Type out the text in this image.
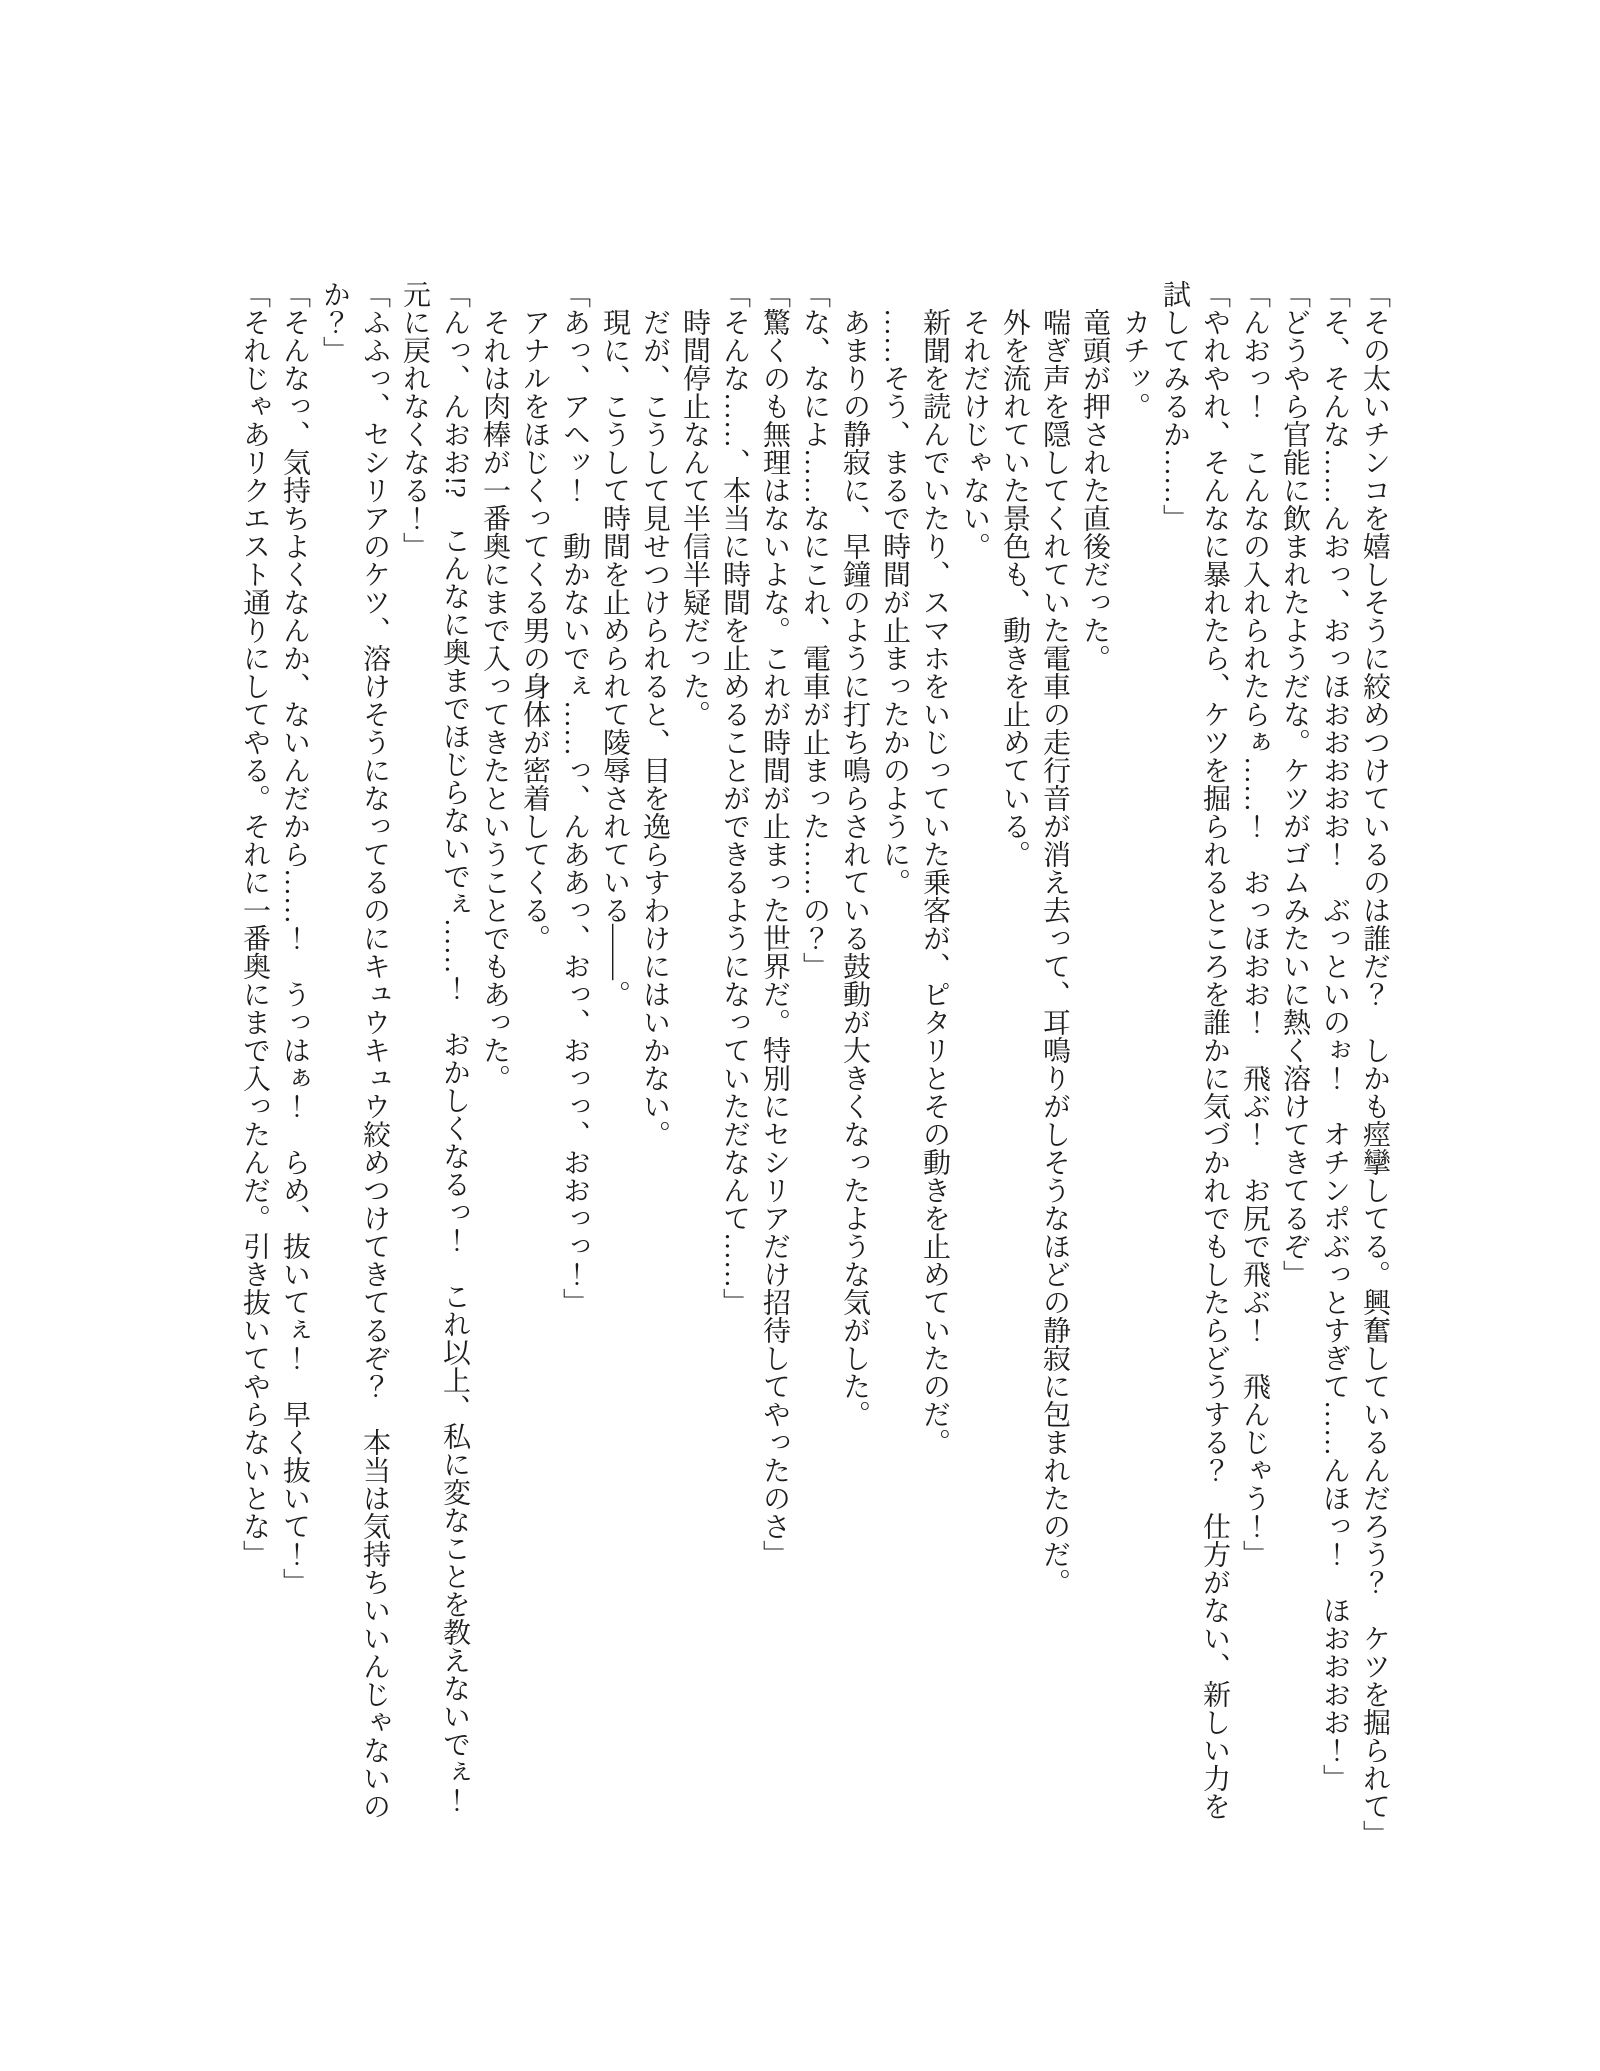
「その太いチンコを嬉しそうに絞めつけているのは誰だ？　しかも痙攣してる。興奮しているんだろう？　ケツを掘られて」
「そ、そんな……んおっ、おっほおおおおお！　ぶっといのぉ！　オチンポぶっとすぎて……んほっ！　ほおおおお！」
「どうやら官能に飲まれたようだな。ケツがゴムみたいに熱く溶けてきてるぞ」
「んおっ！　こんなの入れられたらぁ……！　おっほおお！　飛ぶ！　お尻で飛ぶ！　飛んじゃう！」
「やれやれ、そんなに暴れたら、ケツを掘られるところを誰かに気づかれでもしたらどうする？　仕方がない、新しい力を
試してみるか……」
カチッ。
竜頭が押された直後だった。
喘ぎ声を隠してくれていた電車の走行音が消え去って、耳鳴りがしそうなほどの静寂に包まれたのだ。
外を流れていた景色も、動きを止めている。
それだけじゃない。
新聞を読んでいたり、スマホをいじっていた乗客が、ピタリとその動きを止めていたのだ。
……そう、まるで時間が止まったかのように。
あまりの静寂に、早鐘のように打ち鳴らされている鼓動が大きくなったような気がした。
「な、なによ……なにこれ、電車が止まった……の？」
「驚くのも無理はないよな。これが時間が止まった世界だ。特別にセシリアだけ招待してやったのさ」
「そんな……、本当に時間を止めることができるようになっていただなんて……」
時間停止なんて半信半疑だった。
だが、こうして見せつけられると、目を逸らすわけにはいかない。
現に、こうして時間を止められて陵辱されている――。
「あっ、アヘッ！　動かないでぇ……っ、んああっ、おっ、おっっ、おおっっ！」
アナルをほじくってくる男の身体が密着してくる。
それは肉棒が一番奥にまで入ってきたということでもあった。
「んっ、んおお!?　こんなに奥までほじらないでぇ……！　おかしくなるっ！　これ以上、私に変なことを教えないでぇ！
元に戻れなくなる！」
「ふふっ、セシリアのケツ、溶けそうになってるのにキュウキュウ絞めつけてきてるぞ？　本当は気持ちいいんじゃないの
か？」
「そんなっ、気持ちよくなんか、ないんだから……！　うっはぁ！　らめ、抜いてぇ！　早く抜いて！」
「それじゃあリクエスト通りにしてやる。それに一番奥にまで入ったんだ。引き抜いてやらないとな」
